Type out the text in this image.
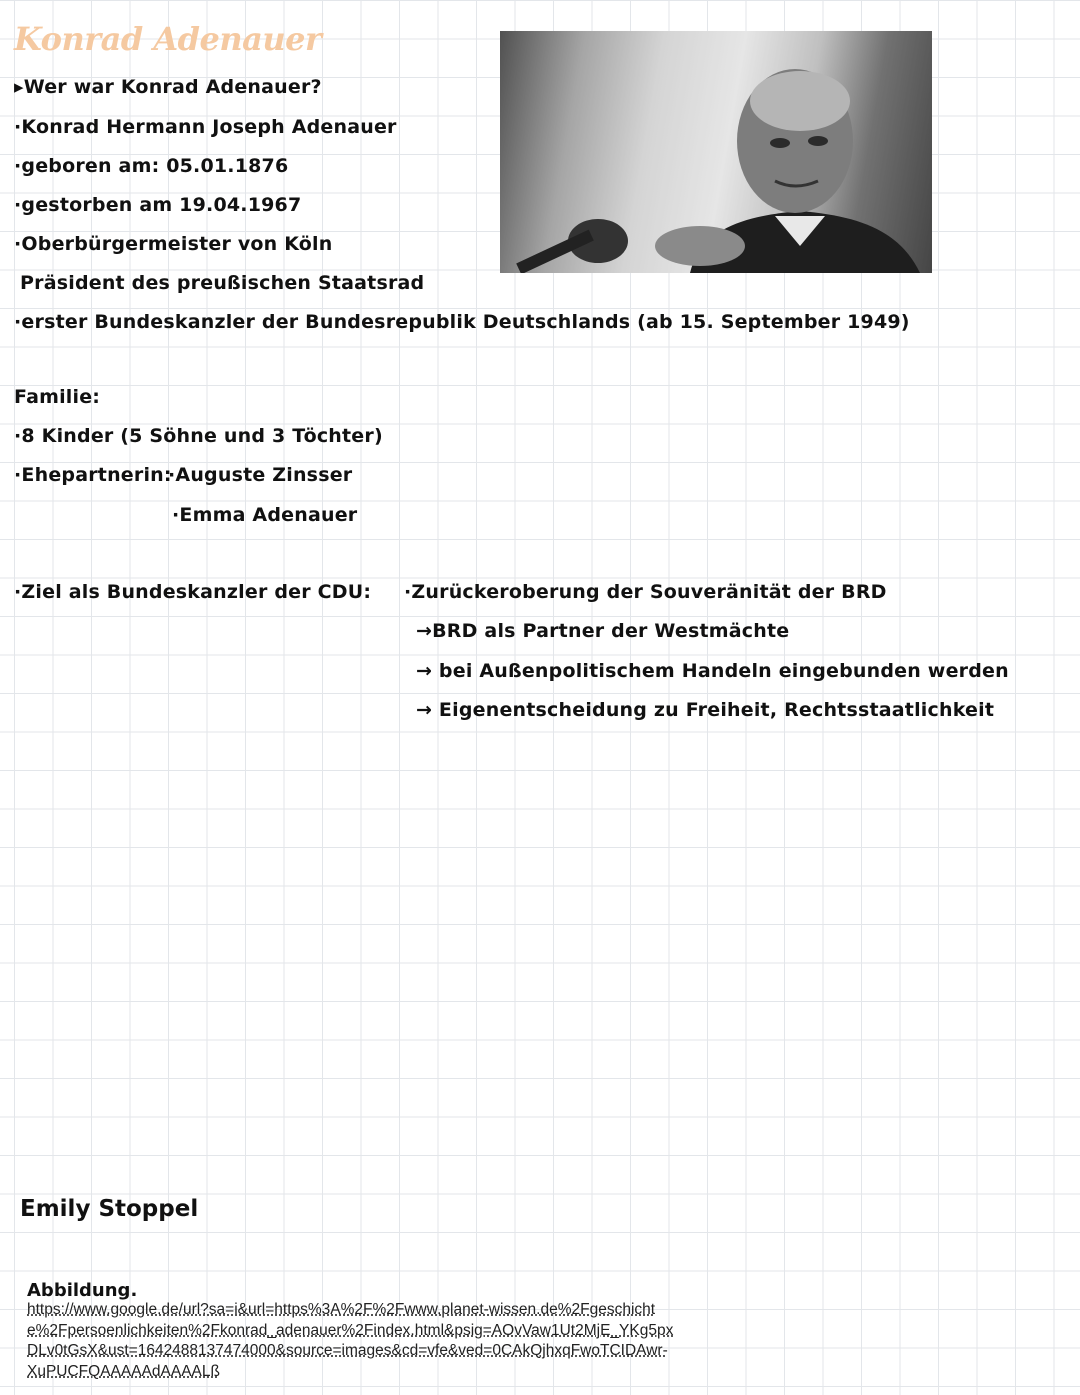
Konrad Adenauer
▸Wer war Konrad Adenauer?
·Konrad Hermann Joseph Adenauer
·geboren am: 05.01.1876
·gestorben am 19.04.1967
·Oberbürgermeister von Köln
Präsident des preußischen Staatsrad
·erster Bundeskanzler der Bundesrepublik Deutschlands (ab 15. September 1949)
Familie:
·8 Kinder (5 Söhne und 3 Töchter)
·Ehepartnerin:
·Auguste Zinsser
·Emma Adenauer
·Ziel als Bundeskanzler der CDU: ·Zurückeroberung der Souveränität der BRD
→BRD als Partner der Westmächte
→ bei Außenpolitischem Handeln eingebunden werden
→ Eigenentscheidung zu Freiheit, Rechtsstaatlichkeit
Emily Stoppel
Abbildung.
https://www.google.de/url?sa=i&url=https%3A%2F%2Fwww.planet-wissen.de%2Fgeschichte%2Fpersoenlichkeiten%2Fkonrad_adenauer%2Findex.html&psig=AOvVaw1Ut2MjE_YKg5pxDLv0tGsX&ust=1642488137474000&source=images&cd=vfe&ved=0CAkQjhxqFwoTCIDAwr-XuPUCFQAAAAAdAAAALß
